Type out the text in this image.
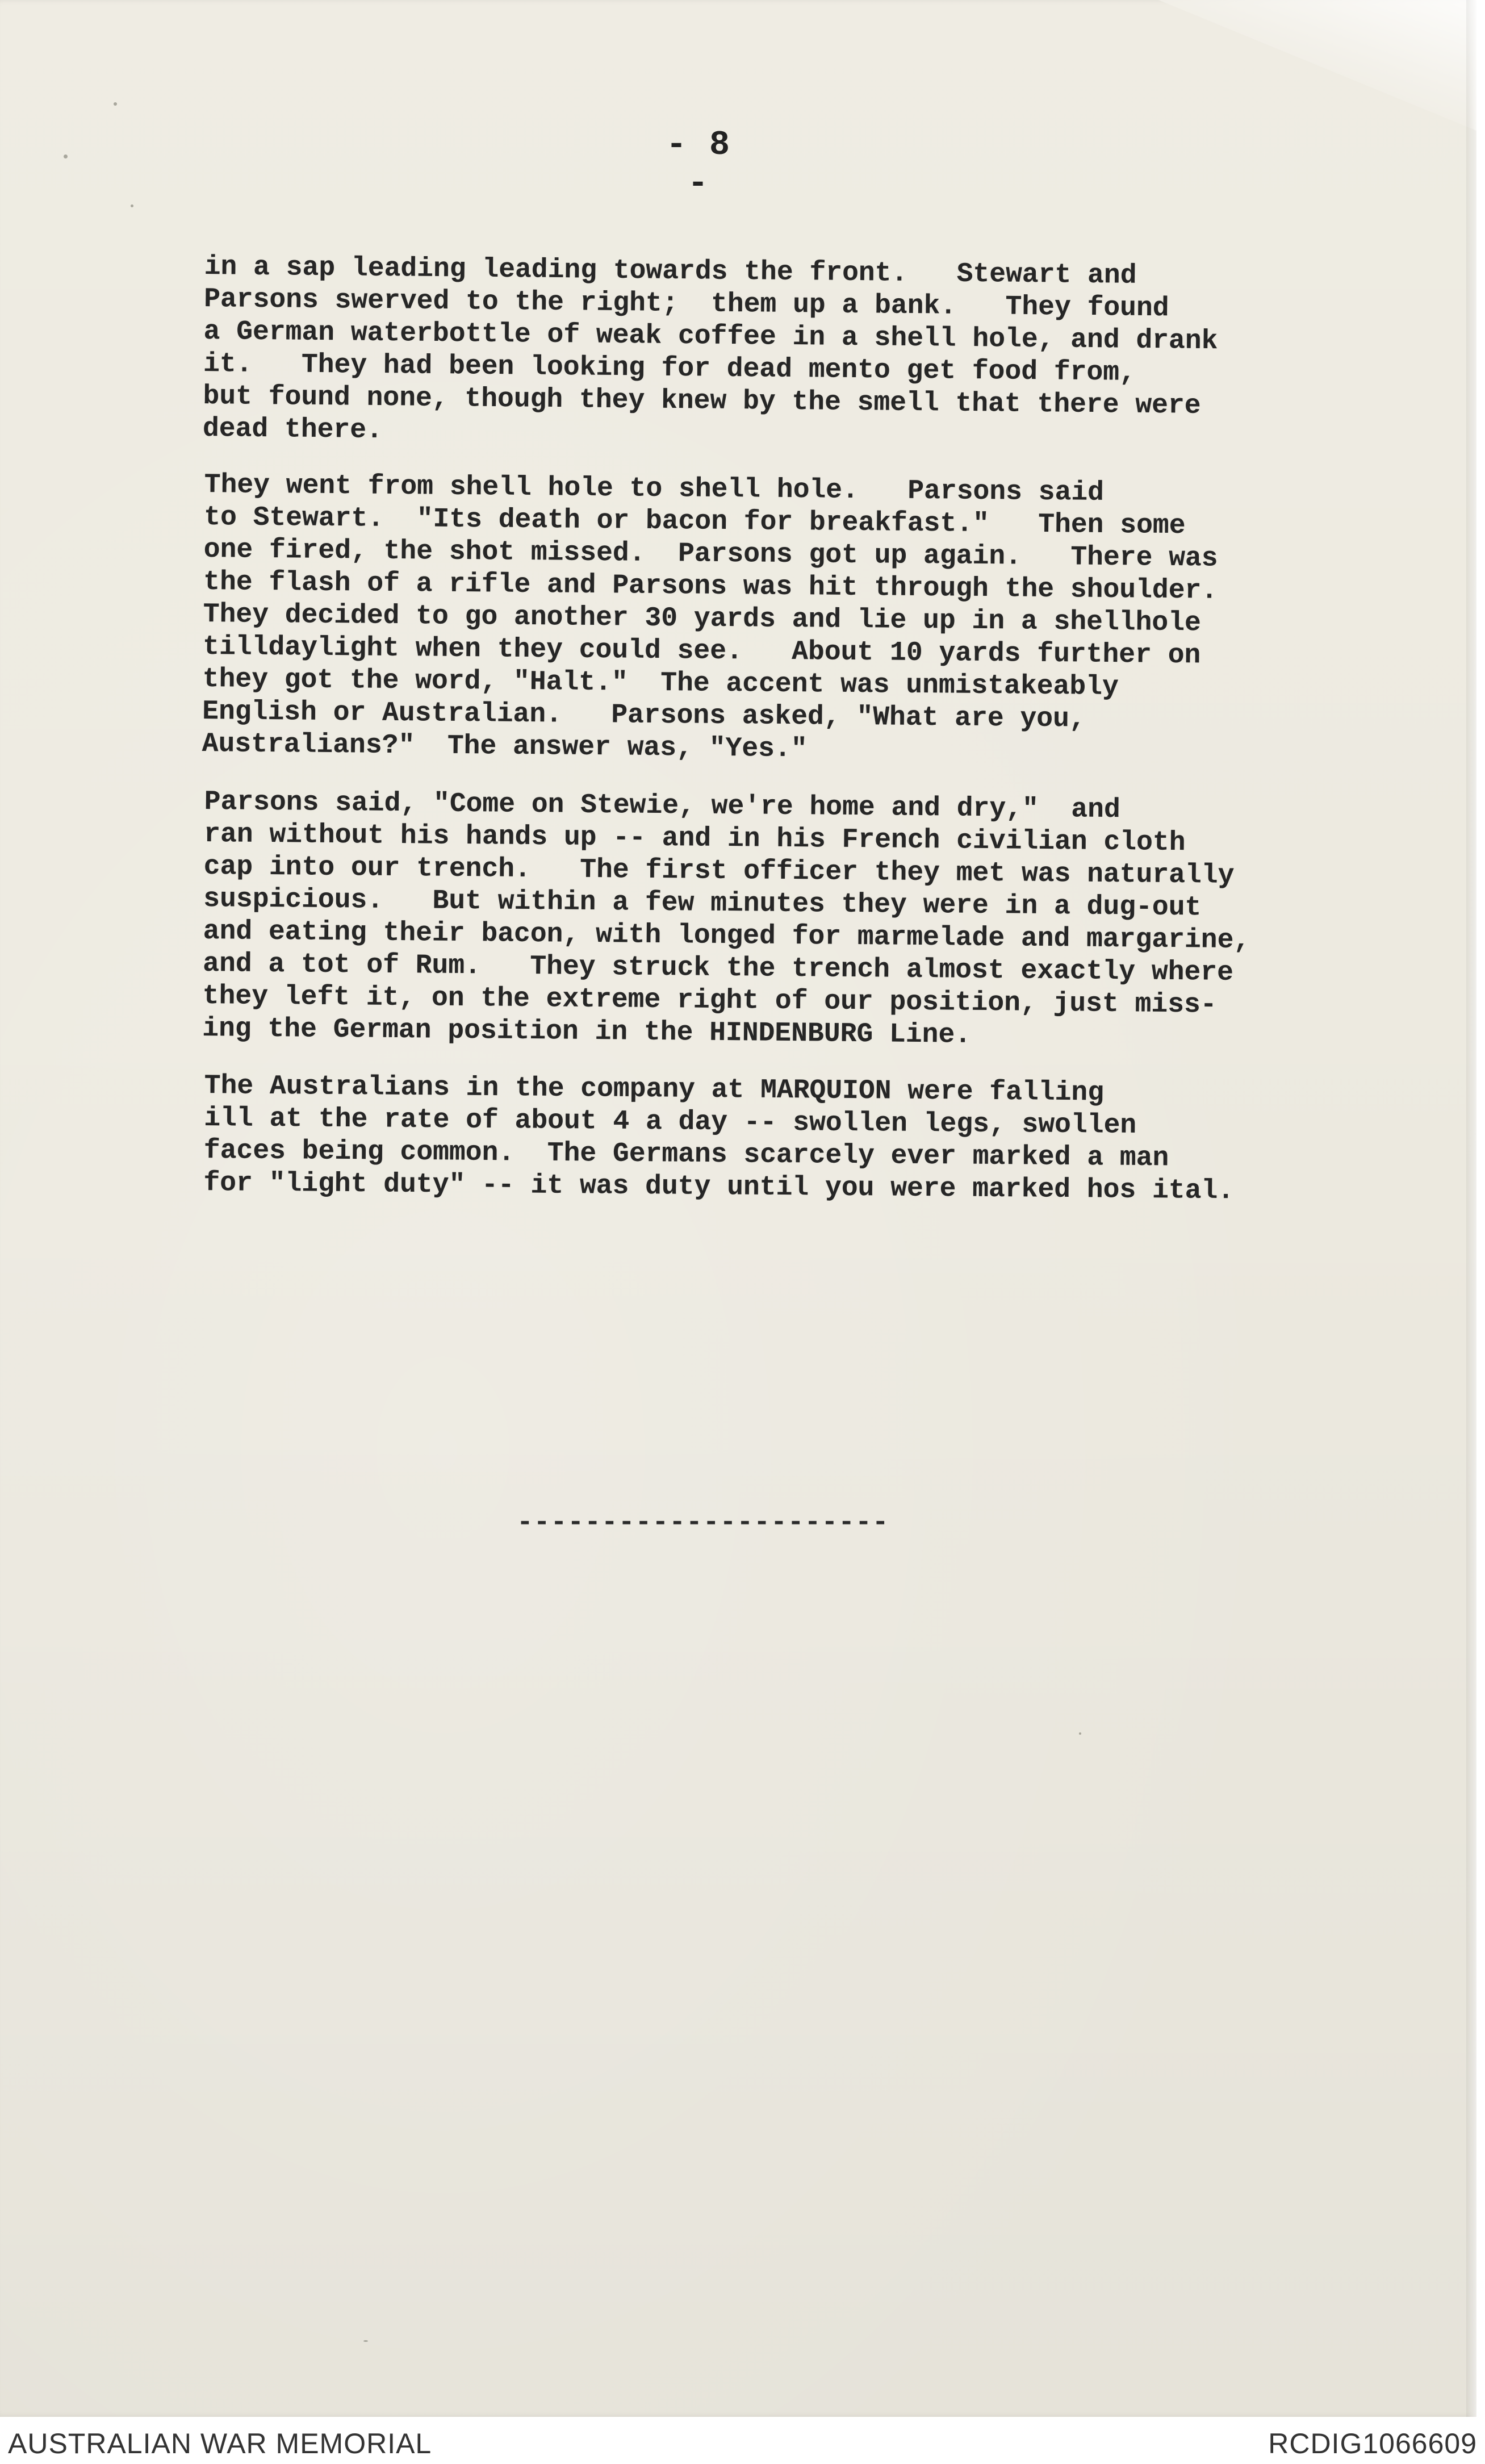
- 8 -

in a sap leading leading towards the front.   Stewart and
Parsons swerved to the right;  them up a bank.   They found
a German waterbottle of weak coffee in a shell hole, and drank
it.   They had been looking for dead mento get food from,
but found none, though they knew by the smell that there were
dead there.

They went from shell hole to shell hole.   Parsons said
to Stewart.  "Its death or bacon for breakfast."   Then some
one fired, the shot missed.  Parsons got up again.   There was
the flash of a rifle and Parsons was hit through the shoulder.
They decided to go another 30 yards and lie up in a shellhole
tilldaylight when they could see.   About 10 yards further on
they got the word, "Halt."  The accent was unmistakeably
English or Australian.   Parsons asked, "What are you,
Australians?"  The answer was, "Yes."

Parsons said, "Come on Stewie, we're home and dry,"  and
ran without his hands up -- and in his French civilian cloth
cap into our trench.   The first officer they met was naturally
suspicious.   But within a few minutes they were in a dug-out
and eating their bacon, with longed for marmelade and margarine,
and a tot of Rum.   They struck the trench almost exactly where
they left it, on the extreme right of our position, just miss-
ing the German position in the HINDENBURG Line.

The Australians in the company at MARQUION were falling
ill at the rate of about 4 a day -- swollen legs, swollen
faces being common.  The Germans scarcely ever marked a man
for "light duty" -- it was duty until you were marked hos ital.

----------------------
AUSTRALIAN WAR MEMORIAL	RCDIG1066609
